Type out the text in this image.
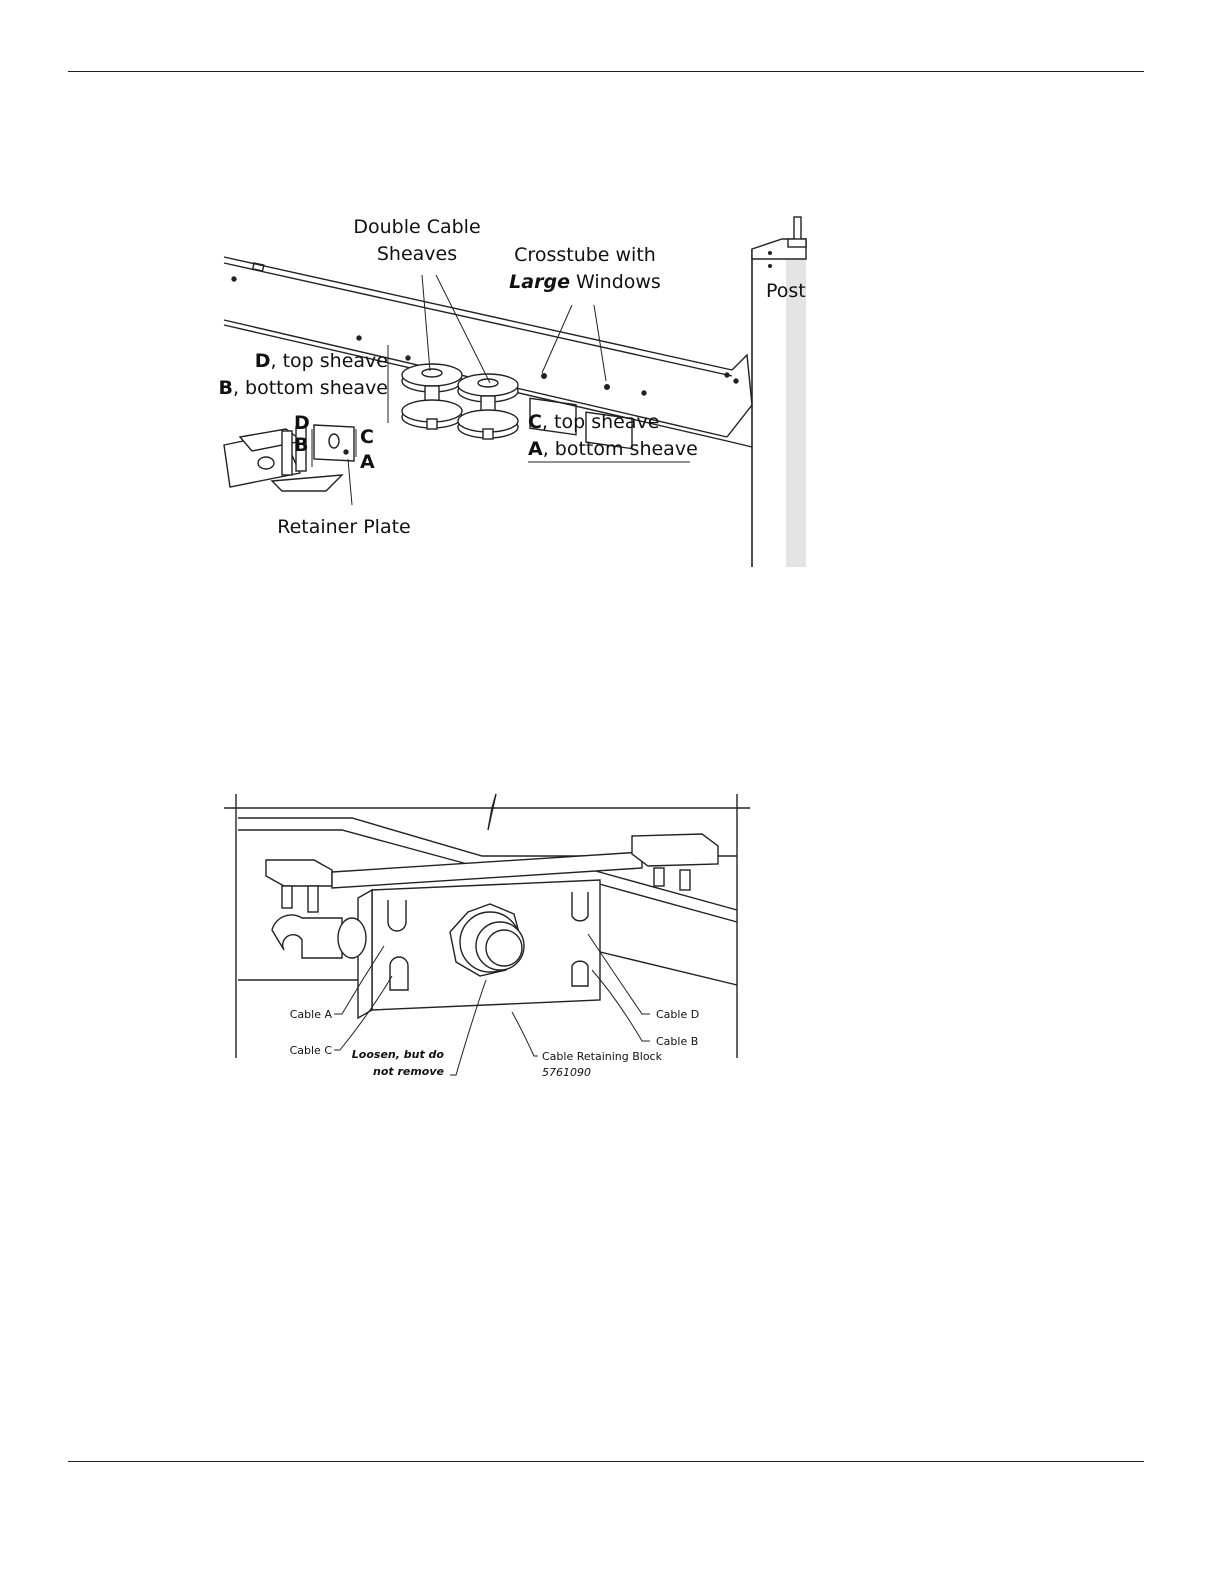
Double Cable
Sheaves	Crosstube with
Large Windows	Post
D, top sheave
B, bottom sheave
C, top sheave
A, bottom sheave
D
B	C
A
Retainer Plate
Cable A
Cable C
Cable D
Cable B
Loosen, but do
not remove
Cable Retaining Block
5761090
